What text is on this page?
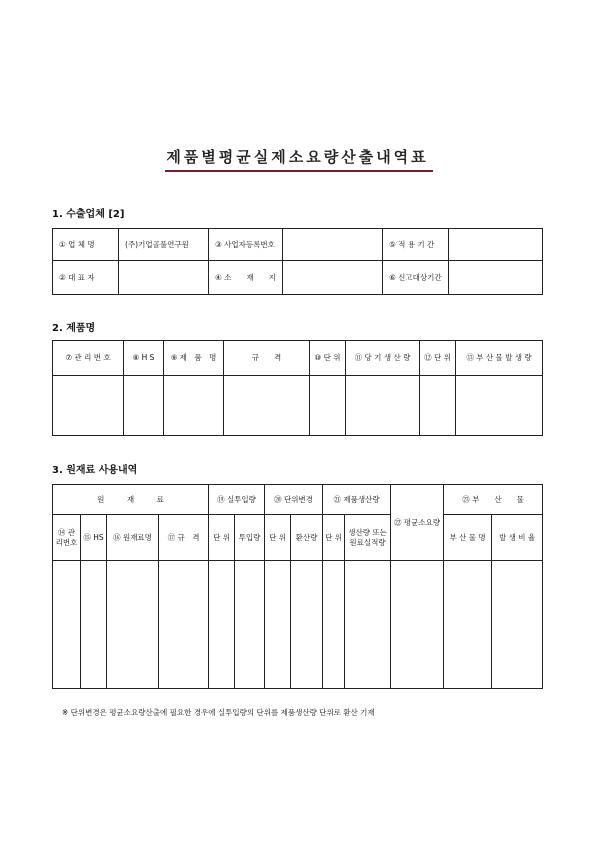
제품별평균실제소요량산출내역표
1. 수출업체 [2]
① 업 체 명	(주)기업골풀연구원	③ 사업자등록번호		⑤ 적 용 기 간	
② 대 표 자		④ 소　　재　　지		⑥ 신고대상기간	
2. 제품명
⑦ 관 리 번 호	⑧ H S	⑨ 제　품　명	규　　격	⑩ 단 위	⑪ 당 기 생 산 량	⑫ 단 위	⑬ 부 산 물 발 생 량

3. 원재료 사용내역
원　　　재　　　료				⑲ 실투입량		⑳ 단위변경		㉑ 제품생산량		㉒ 평균소요량	㉓ 부　　산　　물	
⑭ 관리번호	⑮ HS	⑯ 원재료명	⑰ 규　격	단 위	투입량	단 위	환산량	단 위	생산량 또는 원료실적량		부 산 물 명	발 생 비 율

※ 단위변경은 평균소요량산출에 필요한 경우에 실투입량의 단위를 제품생산량 단위로 환산 기재
